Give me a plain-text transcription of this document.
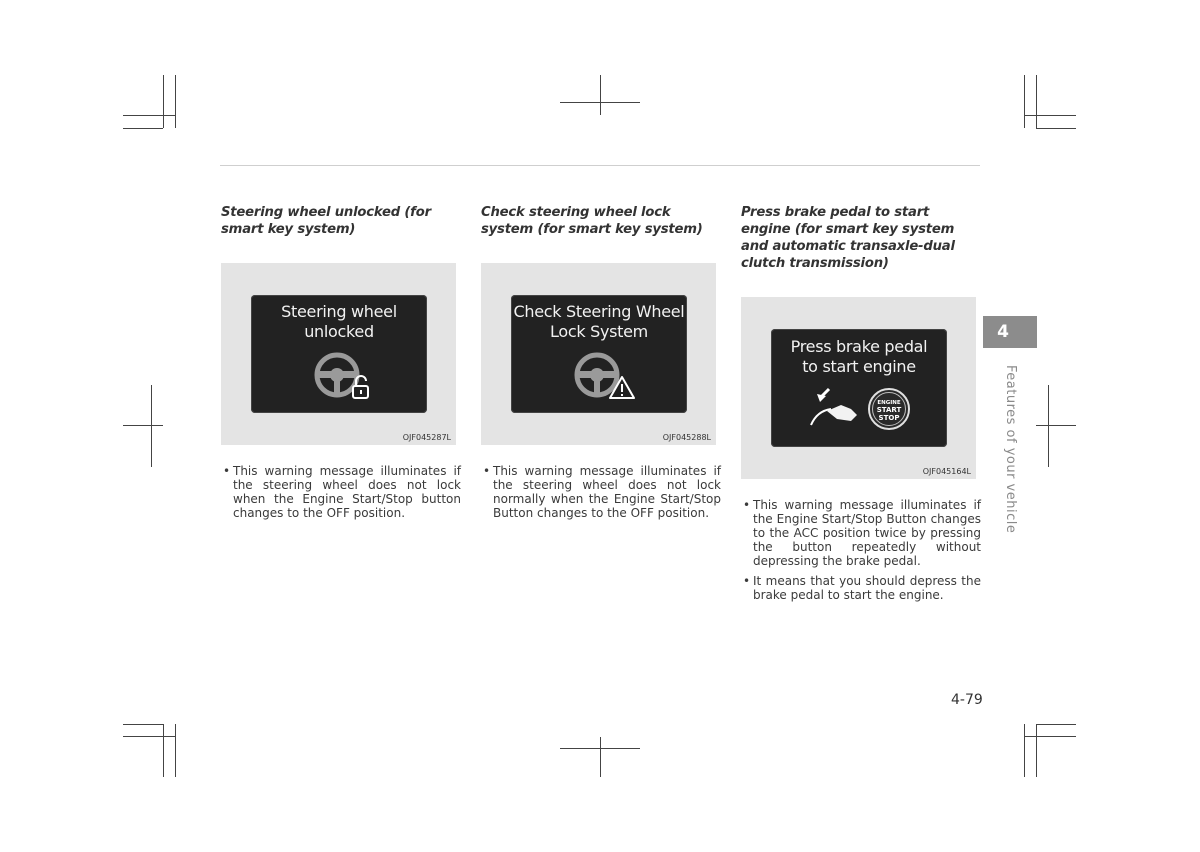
Steering wheel unlocked (for smart key system)

Steering wheel
unlocked
OJF045287L
• This warning message illuminates if the steering wheel does not lock when the Engine Start/Stop button changes to the OFF position.

Check steering wheel lock system (for smart key system)

Check Steering Wheel
Lock System
OJF045288L
• This warning message illuminates if the steering wheel does not lock normally when the Engine Start/Stop Button changes to the OFF position.

Press brake pedal to start engine (for smart key system and automatic transaxle-dual clutch transmission)

Press brake pedal
to start engine
ENGINE
START
STOP
OJF045164L
• This warning message illuminates if the Engine Start/Stop Button changes to the ACC position twice by pressing the button repeatedly without depressing the brake pedal.
• It means that you should depress the brake pedal to start the engine.
4
Features of your vehicle
4-79
